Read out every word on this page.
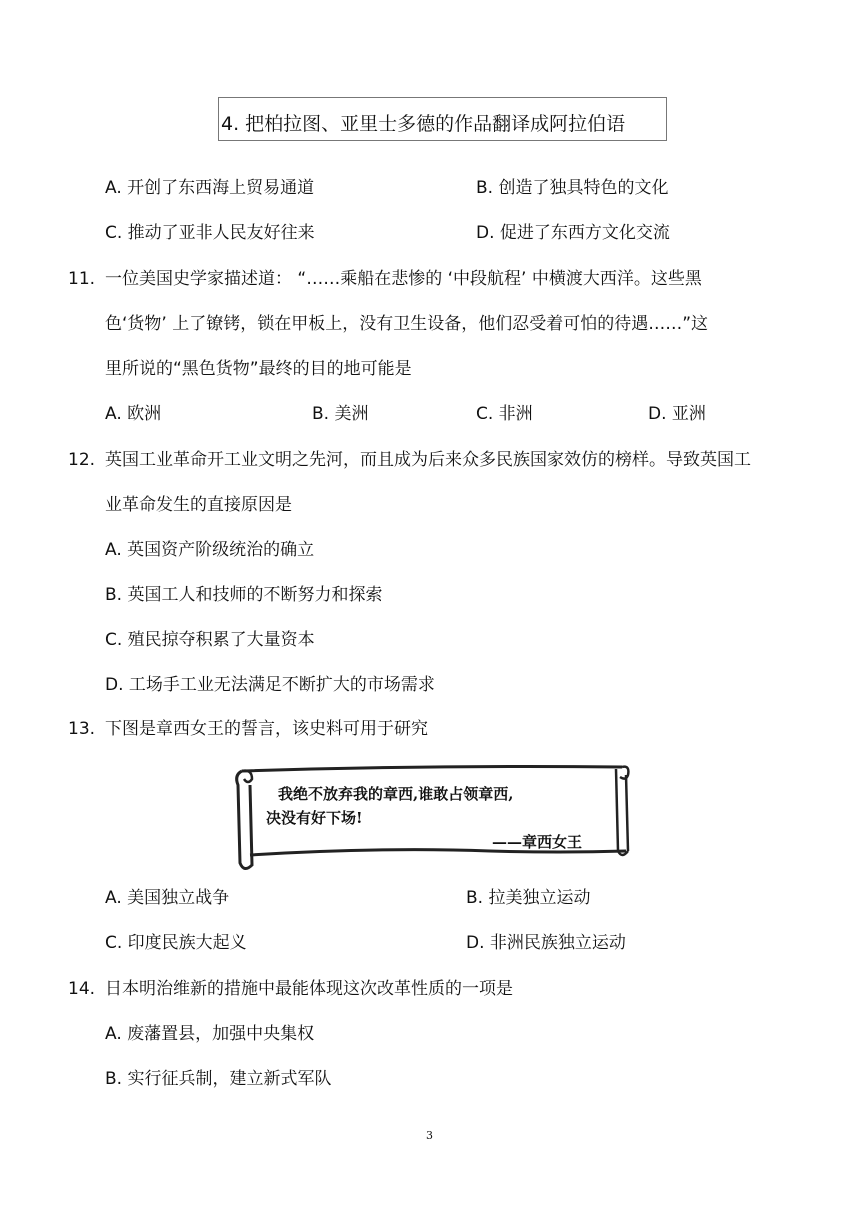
4. 把柏拉图、亚里士多德的作品翻译成阿拉伯语
A. 开创了东西海上贸易通道	B. 创造了独具特色的文化
C. 推动了亚非人民友好往来	D. 促进了东西方文化交流
11. 一位美国史学家描述道： “……乘船在悲惨的 ‘中段航程’ 中横渡大西洋。这些黑
色‘货物’ 上了镣铐，锁在甲板上，没有卫生设备，他们忍受着可怕的待遇……”这
里所说的“黑色货物”最终的目的地可能是
A. 欧洲	B. 美洲	C. 非洲	D. 亚洲
12. 英国工业革命开工业文明之先河，而且成为后来众多民族国家效仿的榜样。导致英国工
业革命发生的直接原因是
A. 英国资产阶级统治的确立
B. 英国工人和技师的不断努力和探索
C. 殖民掠夺积累了大量资本
D. 工场手工业无法满足不断扩大的市场需求
13. 下图是章西女王的誓言，该史料可用于研究
我绝不放弃我的章西,谁敢占领章西,
决没有好下场!
——章西女王
A. 美国独立战争	B. 拉美独立运动
C. 印度民族大起义	D. 非洲民族独立运动
14. 日本明治维新的措施中最能体现这次改革性质的一项是
A. 废藩置县，加强中央集权
B. 实行征兵制，建立新式军队
3
